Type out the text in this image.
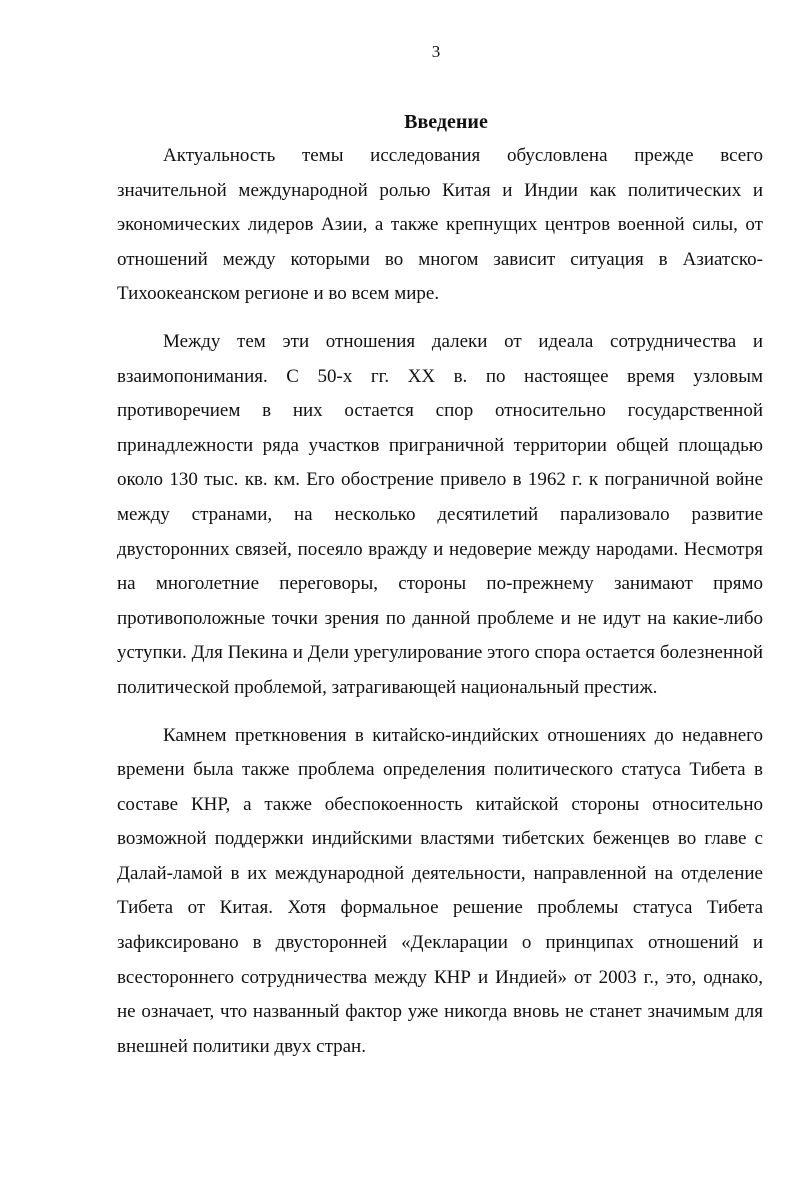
3
Введение

Актуальность темы исследования обусловлена прежде всего значительной международной ролью Китая и Индии как политических и экономических лидеров Азии, а также крепнущих центров военной силы, от отношений между которыми во многом зависит ситуация в Азиатско-Тихоокеанском регионе и во всем мире.

Между тем эти отношения далеки от идеала сотрудничества и взаимопонимания. С 50-х гг. XX в. по настоящее время узловым противоречием в них остается спор относительно государственной принадлежности ряда участков приграничной территории общей площадью около 130 тыс. кв. км. Его обострение привело в 1962 г. к пограничной войне между странами, на несколько десятилетий парализовало развитие двусторонних связей, посеяло вражду и недоверие между народами. Несмотря на многолетние переговоры, стороны по-прежнему занимают прямо противоположные точки зрения по данной проблеме и не идут на какие-либо уступки. Для Пекина и Дели урегулирование этого спора остается болезненной политической проблемой, затрагивающей национальный престиж.

Камнем преткновения в китайско-индийских отношениях до недавнего времени была также проблема определения политического статуса Тибета в составе КНР, а также обеспокоенность китайской стороны относительно возможной поддержки индийскими властями тибетских беженцев во главе с Далай-ламой в их международной деятельности, направленной на отделение Тибета от Китая. Хотя формальное решение проблемы статуса Тибета зафиксировано в двусторонней «Декларации о принципах отношений и всестороннего сотрудничества между КНР и Индией» от 2003 г., это, однако, не означает, что названный фактор уже никогда вновь не станет значимым для внешней политики двух стран.
